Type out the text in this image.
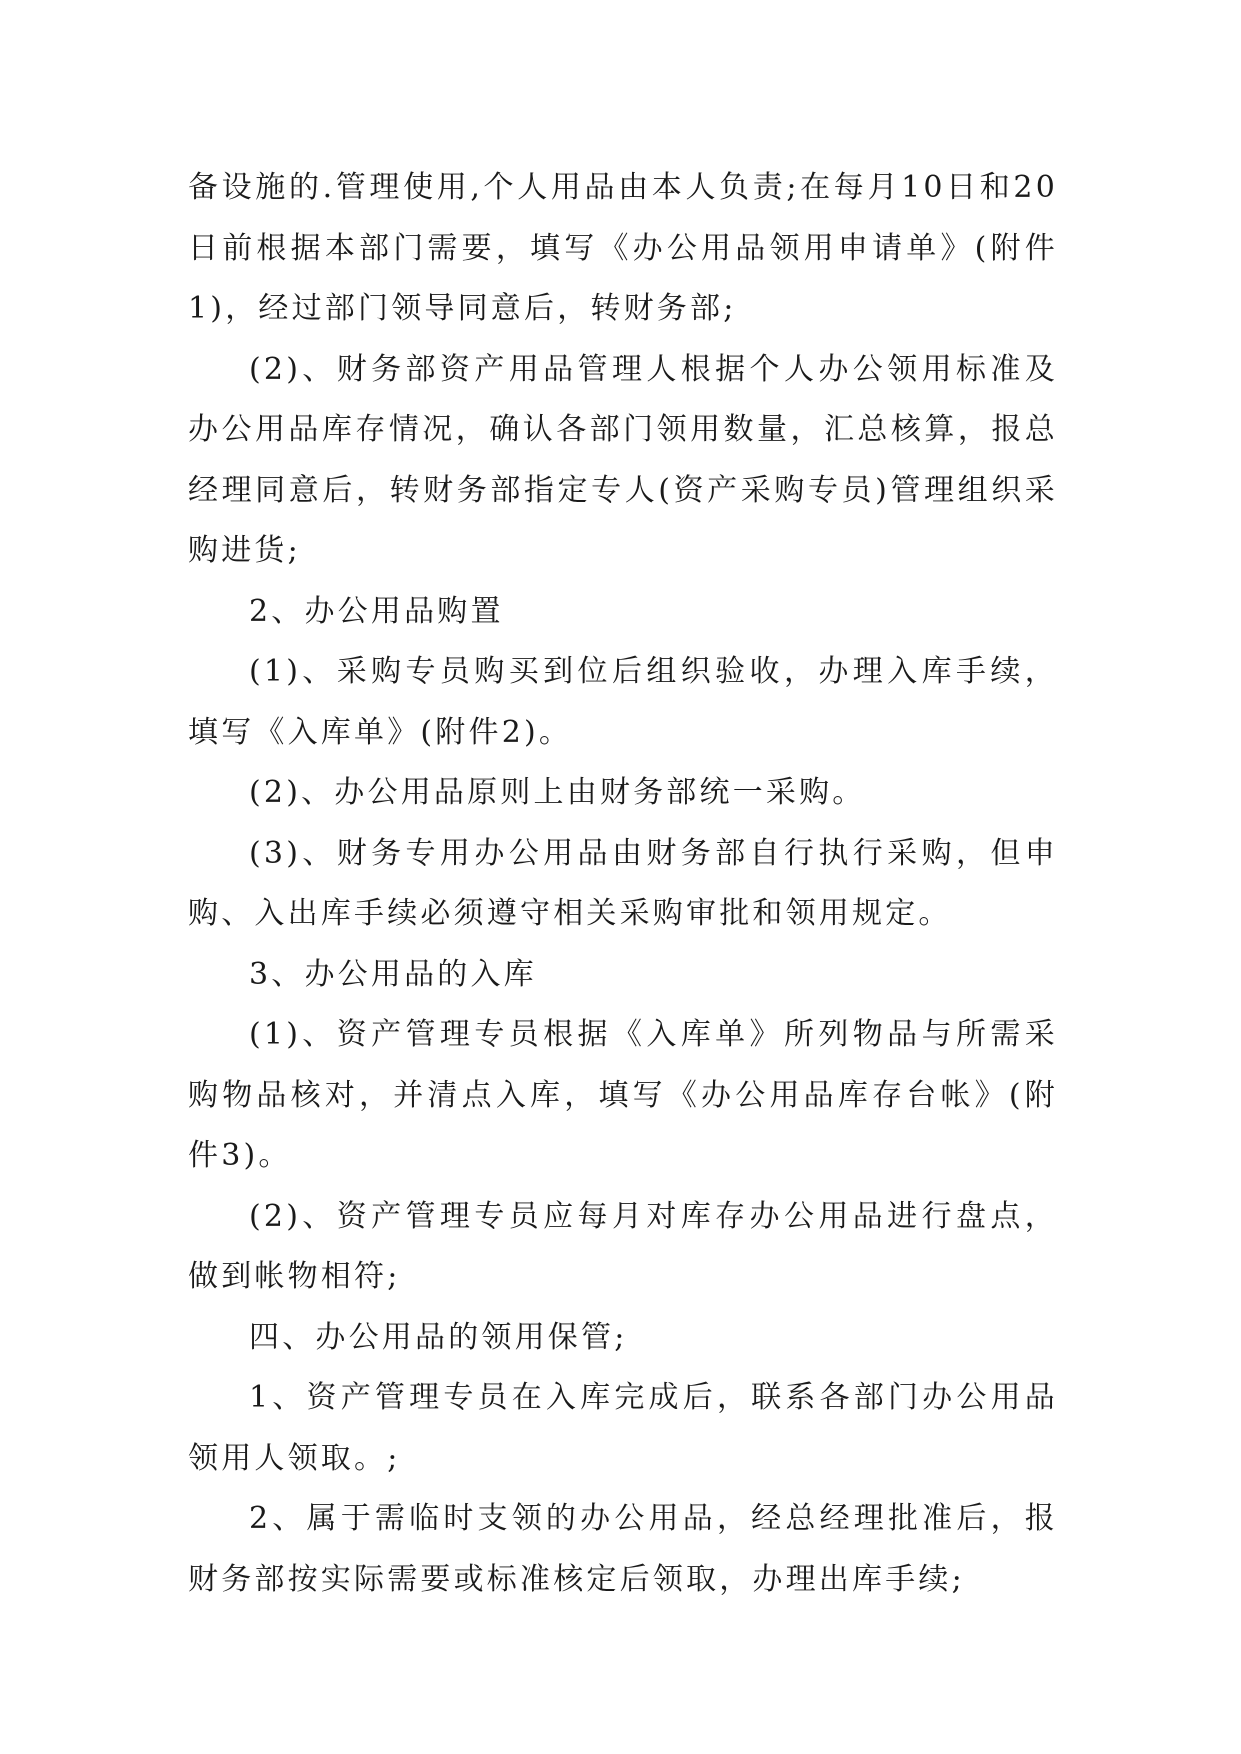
备设施的.管理使用,个人用品由本人负责;在每月10日和20日前根据本部门需要，填写《办公用品领用申请单》(附件1)，经过部门领导同意后，转财务部;

(2)、财务部资产用品管理人根据个人办公领用标准及办公用品库存情况，确认各部门领用数量，汇总核算，报总经理同意后，转财务部指定专人(资产采购专员)管理组织采购进货;

2、办公用品购置

(1)、采购专员购买到位后组织验收，办理入库手续，填写《入库单》(附件2)。

(2)、办公用品原则上由财务部统一采购。

(3)、财务专用办公用品由财务部自行执行采购，但申购、入出库手续必须遵守相关采购审批和领用规定。

3、办公用品的入库

(1)、资产管理专员根据《入库单》所列物品与所需采购物品核对，并清点入库，填写《办公用品库存台帐》(附件3)。

(2)、资产管理专员应每月对库存办公用品进行盘点，做到帐物相符;

四、办公用品的领用保管;

1、资产管理专员在入库完成后，联系各部门办公用品领用人领取。;

2、属于需临时支领的办公用品，经总经理批准后，报财务部按实际需要或标准核定后领取，办理出库手续;
